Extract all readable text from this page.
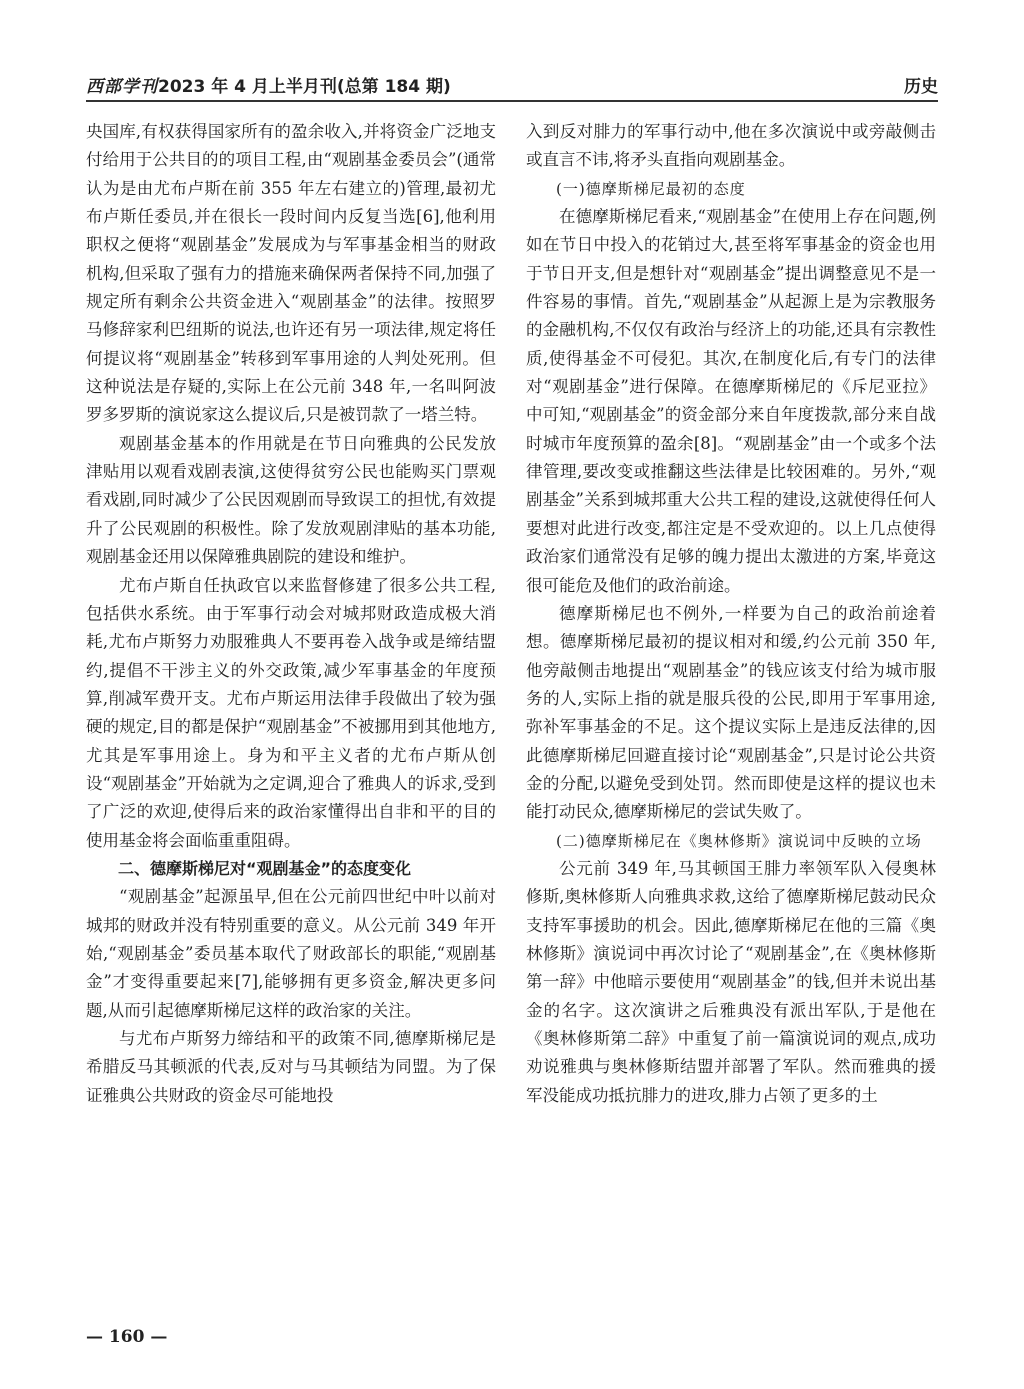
西部学刊2023 年 4 月上半月刊(总第 184 期)	历史

央国库,有权获得国家所有的盈余收入,并将资金广泛地支付给用于公共目的的项目工程,由“观剧基金委员会”(通常认为是由尤布卢斯在前 355 年左右建立的)管理,最初尤布卢斯任委员,并在很长一段时间内反复当选[6],他利用职权之便将“观剧基金”发展成为与军事基金相当的财政机构,但采取了强有力的措施来确保两者保持不同,加强了规定所有剩余公共资金进入“观剧基金”的法律。按照罗马修辞家利巴纽斯的说法,也许还有另一项法律,规定将任何提议将“观剧基金”转移到军事用途的人判处死刑。但这种说法是存疑的,实际上在公元前 348 年,一名叫阿波罗多罗斯的演说家这么提议后,只是被罚款了一塔兰特。

观剧基金基本的作用就是在节日向雅典的公民发放津贴用以观看戏剧表演,这使得贫穷公民也能购买门票观看戏剧,同时减少了公民因观剧而导致误工的担忧,有效提升了公民观剧的积极性。除了发放观剧津贴的基本功能,观剧基金还用以保障雅典剧院的建设和维护。

尤布卢斯自任执政官以来监督修建了很多公共工程,包括供水系统。由于军事行动会对城邦财政造成极大消耗,尤布卢斯努力劝服雅典人不要再卷入战争或是缔结盟约,提倡不干涉主义的外交政策,减少军事基金的年度预算,削减军费开支。尤布卢斯运用法律手段做出了较为强硬的规定,目的都是保护“观剧基金”不被挪用到其他地方,尤其是军事用途上。身为和平主义者的尤布卢斯从创设“观剧基金”开始就为之定调,迎合了雅典人的诉求,受到了广泛的欢迎,使得后来的政治家懂得出自非和平的目的使用基金将会面临重重阻碍。

二、德摩斯梯尼对“观剧基金”的态度变化

“观剧基金”起源虽早,但在公元前四世纪中叶以前对城邦的财政并没有特别重要的意义。从公元前 349 年开始,“观剧基金”委员基本取代了财政部长的职能,“观剧基金”才变得重要起来[7],能够拥有更多资金,解决更多问题,从而引起德摩斯梯尼这样的政治家的关注。

与尤布卢斯努力缔结和平的政策不同,德摩斯梯尼是希腊反马其顿派的代表,反对与马其顿结为同盟。为了保证雅典公共财政的资金尽可能地投

入到反对腓力的军事行动中,他在多次演说中或旁敲侧击或直言不讳,将矛头直指向观剧基金。

(一)德摩斯梯尼最初的态度

在德摩斯梯尼看来,“观剧基金”在使用上存在问题,例如在节日中投入的花销过大,甚至将军事基金的资金也用于节日开支,但是想针对“观剧基金”提出调整意见不是一件容易的事情。首先,“观剧基金”从起源上是为宗教服务的金融机构,不仅仅有政治与经济上的功能,还具有宗教性质,使得基金不可侵犯。其次,在制度化后,有专门的法律对“观剧基金”进行保障。在德摩斯梯尼的《斥尼亚拉》中可知,“观剧基金”的资金部分来自年度拨款,部分来自战时城市年度预算的盈余[8]。“观剧基金”由一个或多个法律管理,要改变或推翻这些法律是比较困难的。另外,“观剧基金”关系到城邦重大公共工程的建设,这就使得任何人要想对此进行改变,都注定是不受欢迎的。以上几点使得政治家们通常没有足够的魄力提出太激进的方案,毕竟这很可能危及他们的政治前途。

德摩斯梯尼也不例外,一样要为自己的政治前途着想。德摩斯梯尼最初的提议相对和缓,约公元前 350 年,他旁敲侧击地提出“观剧基金”的钱应该支付给为城市服务的人,实际上指的就是服兵役的公民,即用于军事用途,弥补军事基金的不足。这个提议实际上是违反法律的,因此德摩斯梯尼回避直接讨论“观剧基金”,只是讨论公共资金的分配,以避免受到处罚。然而即使是这样的提议也未能打动民众,德摩斯梯尼的尝试失败了。

(二)德摩斯梯尼在《奥林修斯》演说词中反映的立场

公元前 349 年,马其顿国王腓力率领军队入侵奥林修斯,奥林修斯人向雅典求救,这给了德摩斯梯尼鼓动民众支持军事援助的机会。因此,德摩斯梯尼在他的三篇《奥林修斯》演说词中再次讨论了“观剧基金”,在《奥林修斯第一辞》中他暗示要使用“观剧基金”的钱,但并未说出基金的名字。这次演讲之后雅典没有派出军队,于是他在《奥林修斯第二辞》中重复了前一篇演说词的观点,成功劝说雅典与奥林修斯结盟并部署了军队。然而雅典的援军没能成功抵抗腓力的进攻,腓力占领了更多的土

— 160 —
